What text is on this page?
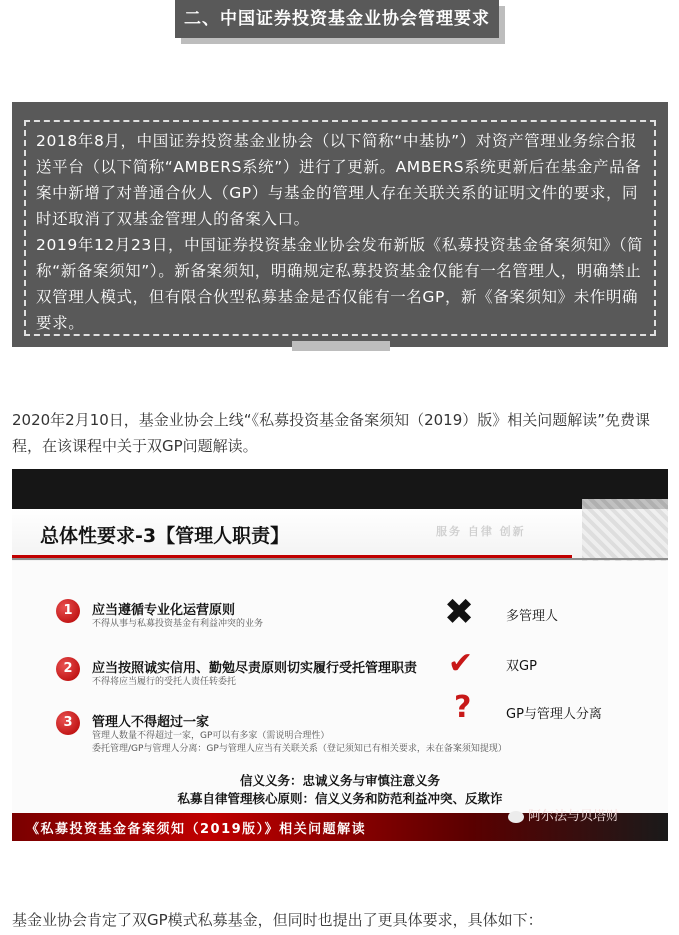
二、中国证券投资基金业协会管理要求

2018年8月，中国证券投资基金业协会（以下简称“中基协”）对资产管理业务综合报送平台（以下简称“AMBERS系统”）进行了更新。AMBERS系统更新后在基金产品备案中新增了对普通合伙人（GP）与基金的管理人存在关联关系的证明文件的要求，同时还取消了双基金管理人的备案入口。

2019年12月23日，中国证券投资基金业协会发布新版《私募投资基金备案须知》（简称“新备案须知”）。新备案须知，明确规定私募投资基金仅能有一名管理人，明确禁止双管理人模式，但有限合伙型私募基金是否仅能有一名GP，新《备案须知》未作明确要求。

2020年2月10日，基金业协会上线“《私募投资基金备案须知（2019）版》相关问题解读”免费课程，在该课程中关于双GP问题解读。

总体性要求-3【管理人职责】	服务 自律 创新
1	应当遵循专业化运营原则
不得从事与私募投资基金有利益冲突的业务
2	应当按照诚实信用、勤勉尽责原则切实履行受托管理职责
不得将应当履行的受托人责任转委托
3	管理人不得超过一家
管理人数量不得超过一家，GP可以有多家（需说明合理性）
委托管理/GP与管理人分离：GP与管理人应当有关联关系（登记须知已有相关要求，未在备案须知提现）
✖ 多管理人
✔	双GP
?	GP与管理人分离
信义义务：忠诚义务与审慎注意义务
私募自律管理核心原则：信义义务和防范利益冲突、反欺诈
《私募投资基金备案须知（2019版）》相关问题解读
阿尔法与贝塔财

基金业协会肯定了双GP模式私募基金，但同时也提出了更具体要求，具体如下：
